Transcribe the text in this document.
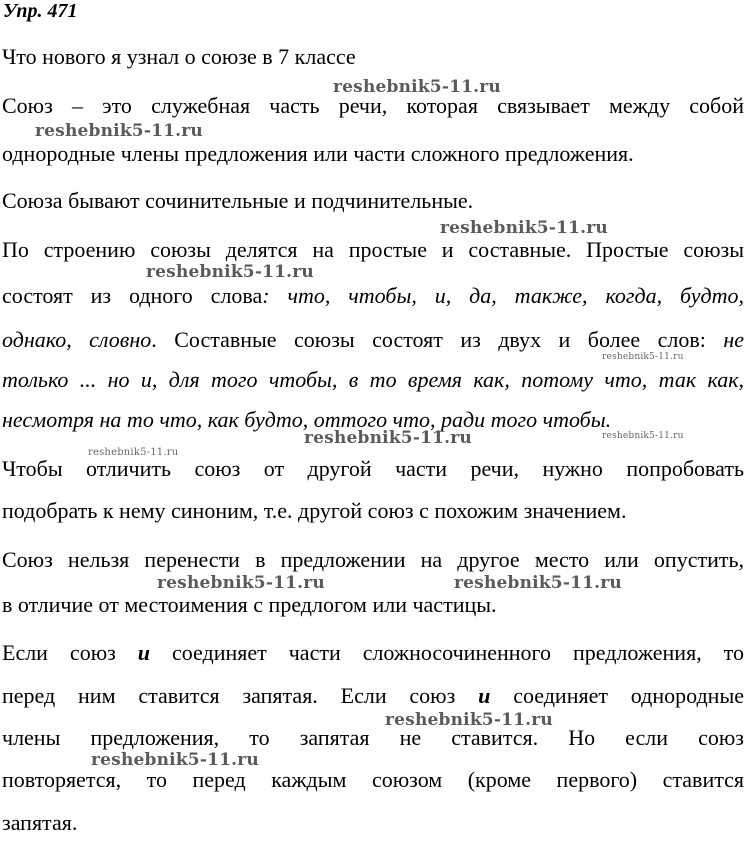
Упр. 471
Что нового я узнал о союзе в 7 классе
Союз – это служебная часть речи, которая связывает между собой
однородные члены предложения или части сложного предложения.
Союза бывают сочинительные и подчинительные.
По строению союзы делятся на простые и составные. Простые союзы
состоят из одного слова: что, чтобы, и, да, также, когда, будто,
однако, словно. Составные союзы состоят из двух и более слов: не
только ... но и, для того чтобы, в то время как, потому что, так как,
несмотря на то что, как будто, оттого что, ради того чтобы.
Чтобы отличить союз от другой части речи, нужно попробовать
подобрать к нему синоним, т.е. другой союз с похожим значением.
Союз нельзя перенести в предложении на другое место или опустить,
в отличие от местоимения с предлогом или частицы.
Если союз и соединяет части сложносочиненного предложения, то
перед ним ставится запятая. Если союз и соединяет однородные
члены предложения, то запятая не ставится. Но если союз
повторяется, то перед каждым союзом (кроме первого) ставится
запятая.
reshebnik5-11.ru
reshebnik5-11.ru
reshebnik5-11.ru
reshebnik5-11.ru
reshebnik5-11.ru
reshebnik5-11.ru	reshebnik5-11.ru
reshebnik5-11.ru
reshebnik5-11.ru	reshebnik5-11.ru
reshebnik5-11.ru
reshebnik5-11.ru
